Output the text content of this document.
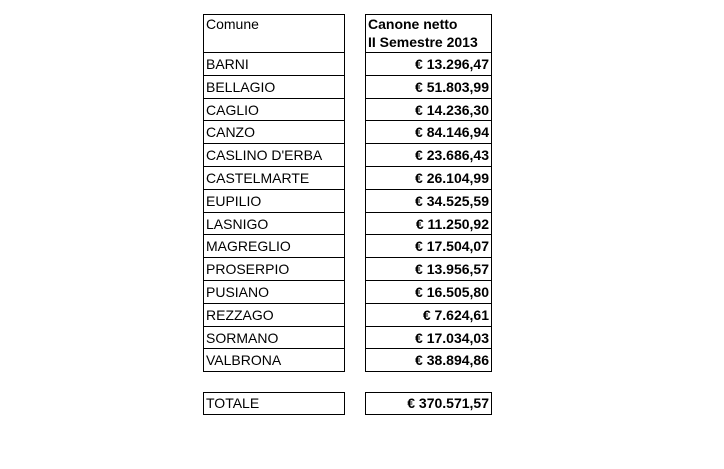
Comune	Canone netto
II Semestre 2013
BARNI	€ 13.296,47
BELLAGIO	€ 51.803,99
CAGLIO	€ 14.236,30
CANZO	€ 84.146,94
CASLINO D'ERBA	€ 23.686,43
CASTELMARTE	€ 26.104,99
EUPILIO	€ 34.525,59
LASNIGO	€ 11.250,92
MAGREGLIO	€ 17.504,07
PROSERPIO	€ 13.956,57
PUSIANO	€ 16.505,80
REZZAGO	€ 7.624,61
SORMANO	€ 17.034,03
VALBRONA	€ 38.894,86
TOTALE	€ 370.571,57
